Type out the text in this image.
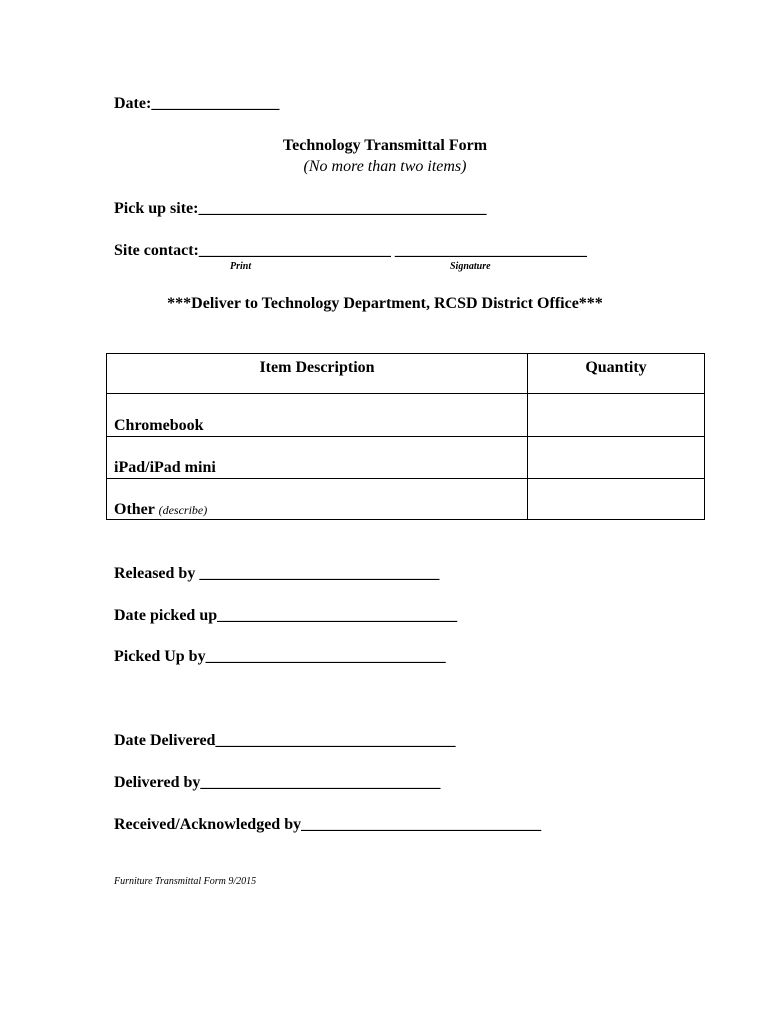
Date:________________
Technology Transmittal Form
(No more than two items)
Pick up site:____________________________________
Site contact:________________________ ________________________
Print	Signature
***Deliver to Technology Department, RCSD District Office***
Item Description	Quantity
Chromebook
iPad/iPad mini
Other (describe)
Released by ______________________________
Date picked up______________________________
Picked Up by______________________________
Date Delivered______________________________
Delivered by______________________________
Received/Acknowledged by______________________________
Furniture Transmittal Form 9/2015
